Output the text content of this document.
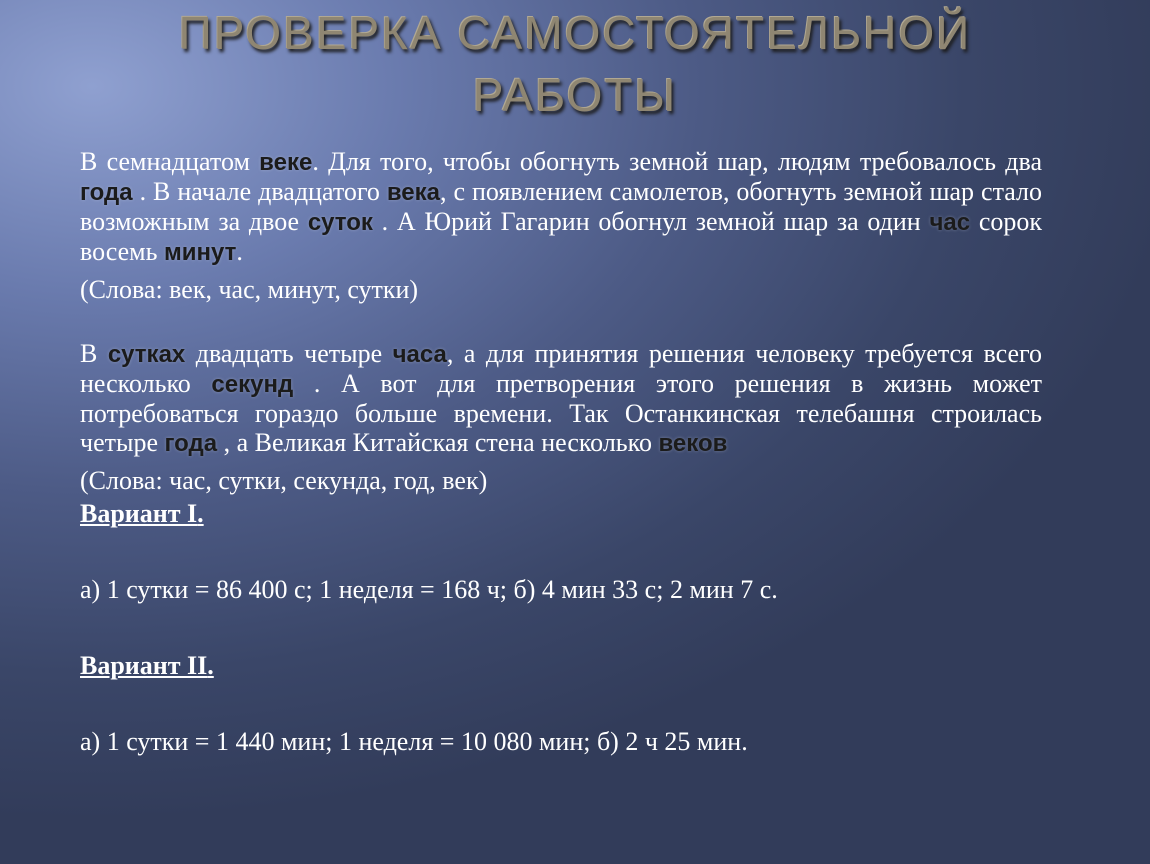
ПРОВЕРКА САМОСТОЯТЕЛЬНОЙ
РАБОТЫ

В семнадцатом веке. Для того, чтобы обогнуть земной шар, людям требовалось два года . В начале двадцатого века, с появлением самолетов, обогнуть земной шар стало возможным за двое суток . А Юрий Гагарин обогнул земной шар за один час сорок восемь минут.

(Слова: век, час, минут, сутки)

В сутках двадцать четыре часа, а для принятия решения человеку требуется всего несколько секунд . А вот для претворения этого решения в жизнь может потребоваться гораздо больше времени. Так Останкинская телебашня строилась четыре года , а Великая Китайская стена несколько веков

(Слова: час, сутки, секунда, год, век)

Вариант I.

а) 1 сутки = 86 400 с; 1 неделя = 168 ч; б) 4 мин 33 с; 2 мин 7 с.

Вариант II.

а) 1 сутки = 1 440 мин; 1 неделя = 10 080 мин; б) 2 ч 25 мин.
